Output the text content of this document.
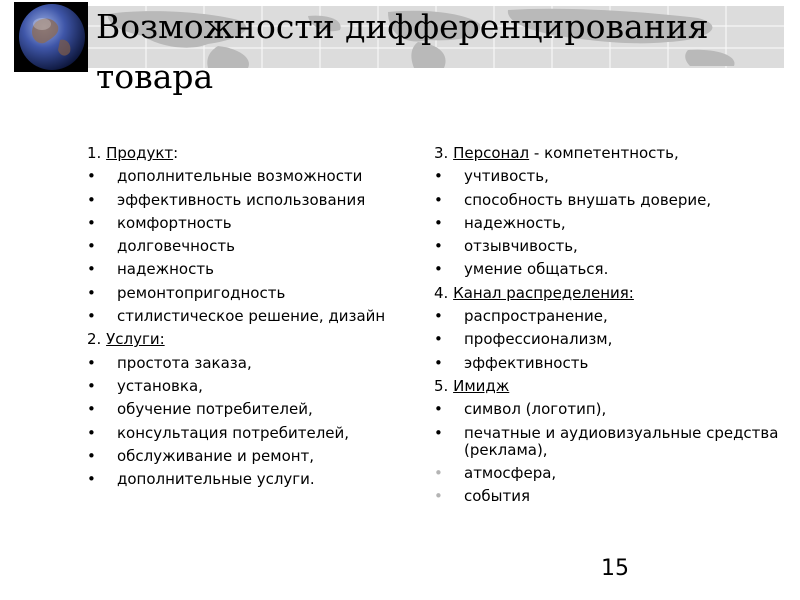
Возможности дифференцирования товара
1. Продукт:
•	дополнительные возможности
•	эффективность использования
•	комфортность
•	долговечность
•	надежность
•	ремонтопригодность
•	стилистическое решение, дизайн
2. Услуги:
•	простота заказа,
•	установка,
•	обучение потребителей,
•	консультация потребителей,
•	обслуживание и ремонт,
•	дополнительные услуги.
3. Персонал - компетентность,
•	учтивость,
•	способность внушать доверие,
•	надежность,
•	отзывчивость,
•	умение общаться.
4. Канал распределения:
•	распространение,
•	профессионализм,
•	эффективность
5. Имидж
•	символ (логотип),
•	печатные и аудиовизуальные средства (реклама),
•	атмосфера,
•	события
15
